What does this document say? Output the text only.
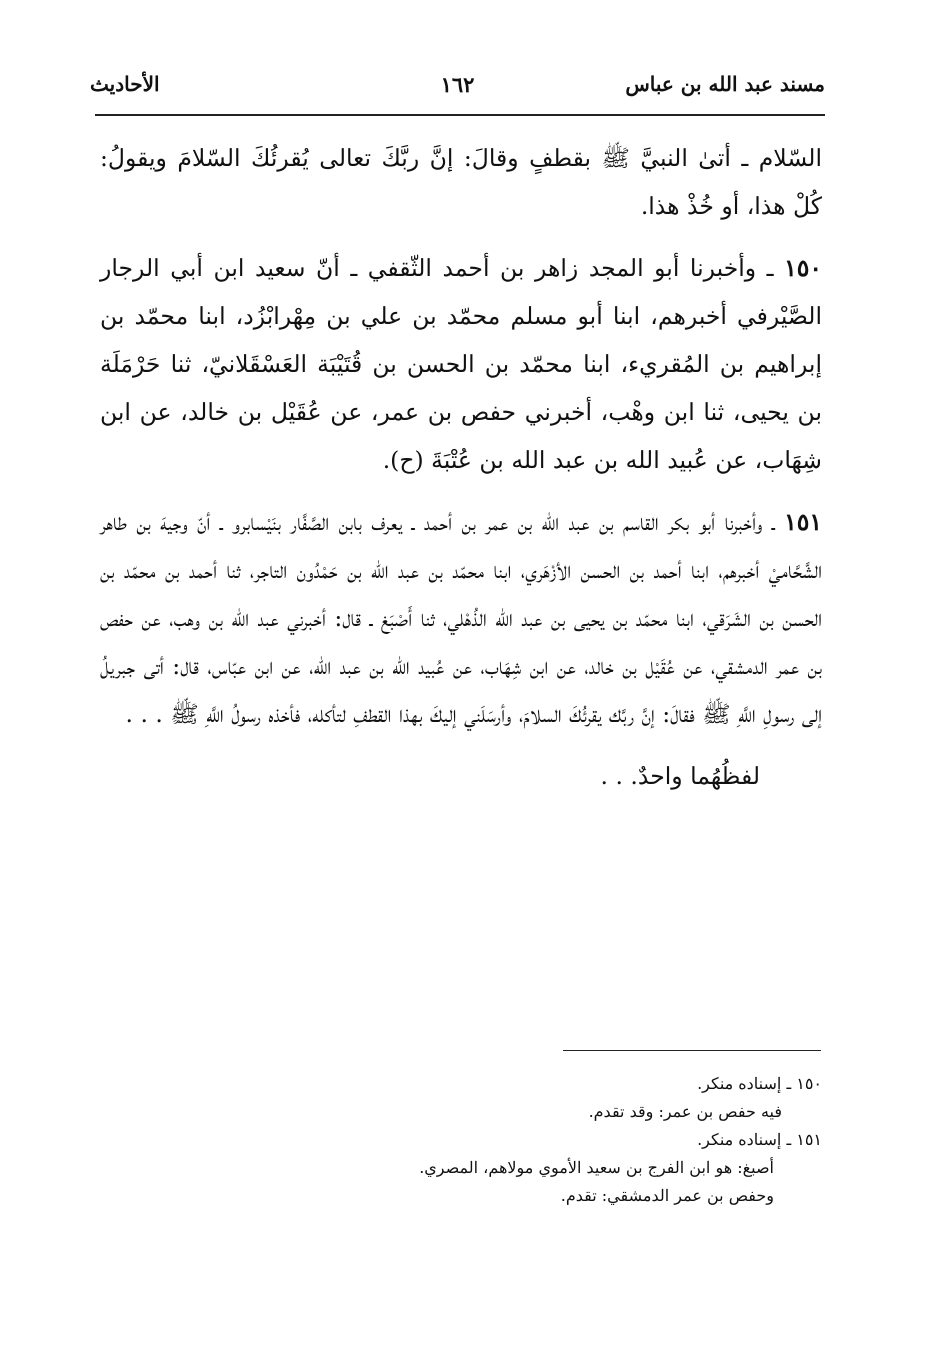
مسند عبد الله بن عباس
١٦٢
الأحاديث

السّلام ـ أتىٰ النبيَّ ﷺ بقطفٍ وقالَ: إنَّ ربَّكَ تعالى يُقرئُكَ السّلامَ ويقولُ: كُلْ هذا، أو خُذْ هذا.

١٥٠ ـ وأخبرنا أبو المجد زاهر بن أحمد الثّقفي ـ أنّ سعيد ابن أبي الرجار الصَّيْرفي أخبرهم، ابنا أبو مسلم محمّد بن علي بن مِهْرابْزُد، ابنا محمّد بن إبراهيم بن المُقريء، ابنا محمّد بن الحسن بن قُتَيْبَة العَسْقَلانيّ، ثنا حَرْمَلَة بن يحيى، ثنا ابن وهْب، أخبرني حفص بن عمر، عن عُقَيْل بن خالد، عن ابن شِهَاب، عن عُبيد الله بن عبد الله بن عُتْبَةَ (ح).

١٥١ ـ وأخبرنا أبو بكر القاسم بن عبد الله بن عمر بن أحمد ـ يعرف بابن الصَّفَّار بنَيْسابرو ـ أنّ وجيهَ بن طاهر الشَّحَّاميْ أخبرهم، ابنا أحمد بن الحسن الأزْهَري، ابنا محمّد بن عبد الله بن حَمْدُون التاجر، ثنا أحمد بن محمّد بن الحسن بن الشَرَقي، ابنا محمّد بن يحيى بن عبد الله الذُهْلي، ثنا أَصْبَغ ـ قال: أخبرني عبد الله بن وهب، عن حفص بن عمر الدمشقي، عن عُقَيْل بن خالد، عن ابن شِهَاب، عن عُبيد الله بن عبد الله، عن ابن عبّاس، قال: أتى جبريلُ إلى رسولِ اللَّهِ ﷺ فقالَ: إنَّ ربَّك يقرئُكَ السلامَ، وأرسَلَني إليكَ بهذا القطفِ لتأكله، فأخذه رسولُ اللَّهِ ﷺ . . .

لفظُهُما واحدٌ. . .

١٥٠ ـ إسناده منكر.

فيه حفص بن عمر: وقد تقدم.

١٥١ ـ إسناده منكر.

أصبغ: هو ابن الفرج بن سعيد الأموي مولاهم، المصري.

وحفص بن عمر الدمشقي: تقدم.
